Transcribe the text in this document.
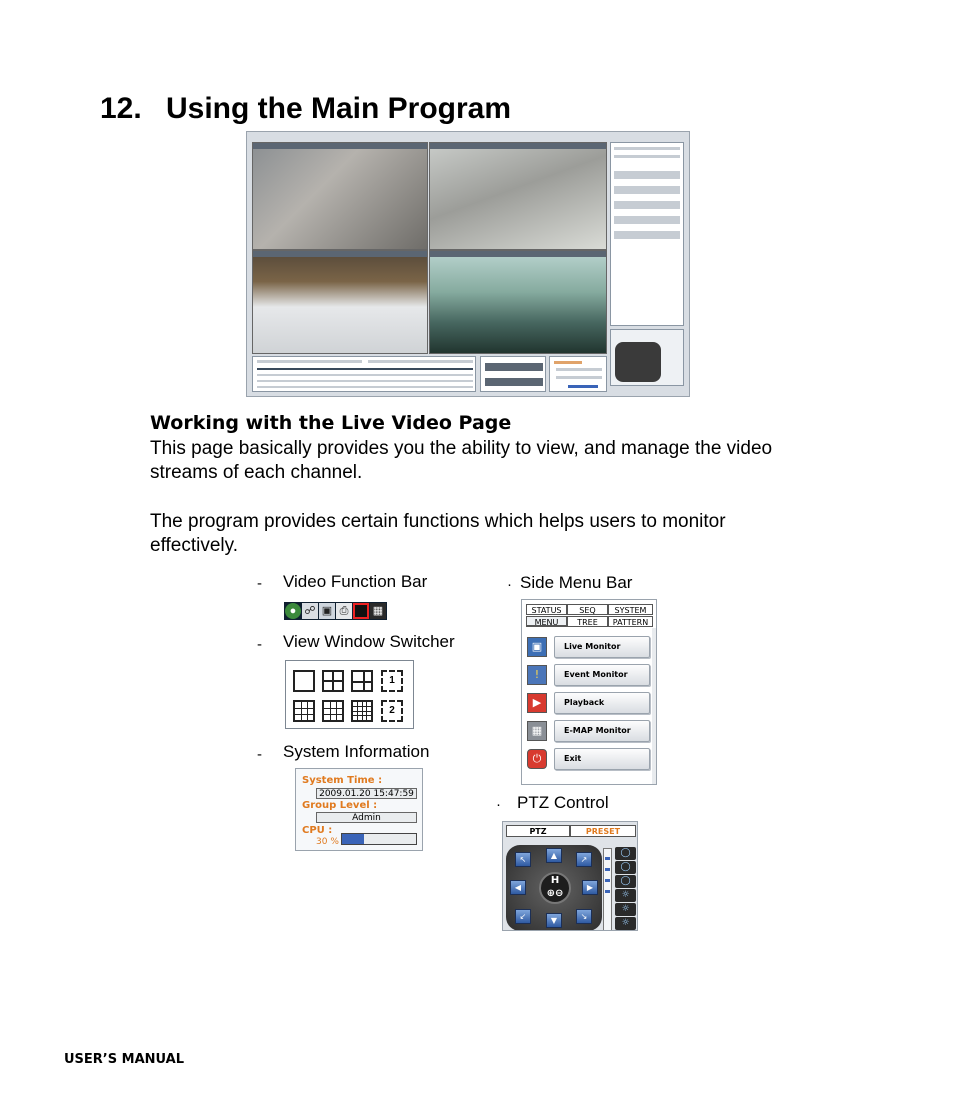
12. Using the Main Program
Working with the Live Video Page
This page basically provides you the ability to view, and manage the video streams of each channel.
The program provides certain functions which helps users to monitor effectively.
- Video Function Bar
● ☍ ▣ ⎙	▦
- View Window Switcher
1
2
- System Information
System Time :
2009.01.20 15:47:59
Group Level :
Admin
CPU :
30 %
· Side Menu Bar
STATUS	SEQ	SYSTEM
MENU	TREE	PATTERN
▣	Live Monitor
!	Event Monitor
▶	Playback
▦	E-MAP Monitor
⏻	Exit
· PTZ Control
PTZ	PRESET
↖	▲	↗
◀	▶
↙	▼	↘
H
⊕⊖
◯
◯
◯
☼
☼
☼
USER’S MANUAL
